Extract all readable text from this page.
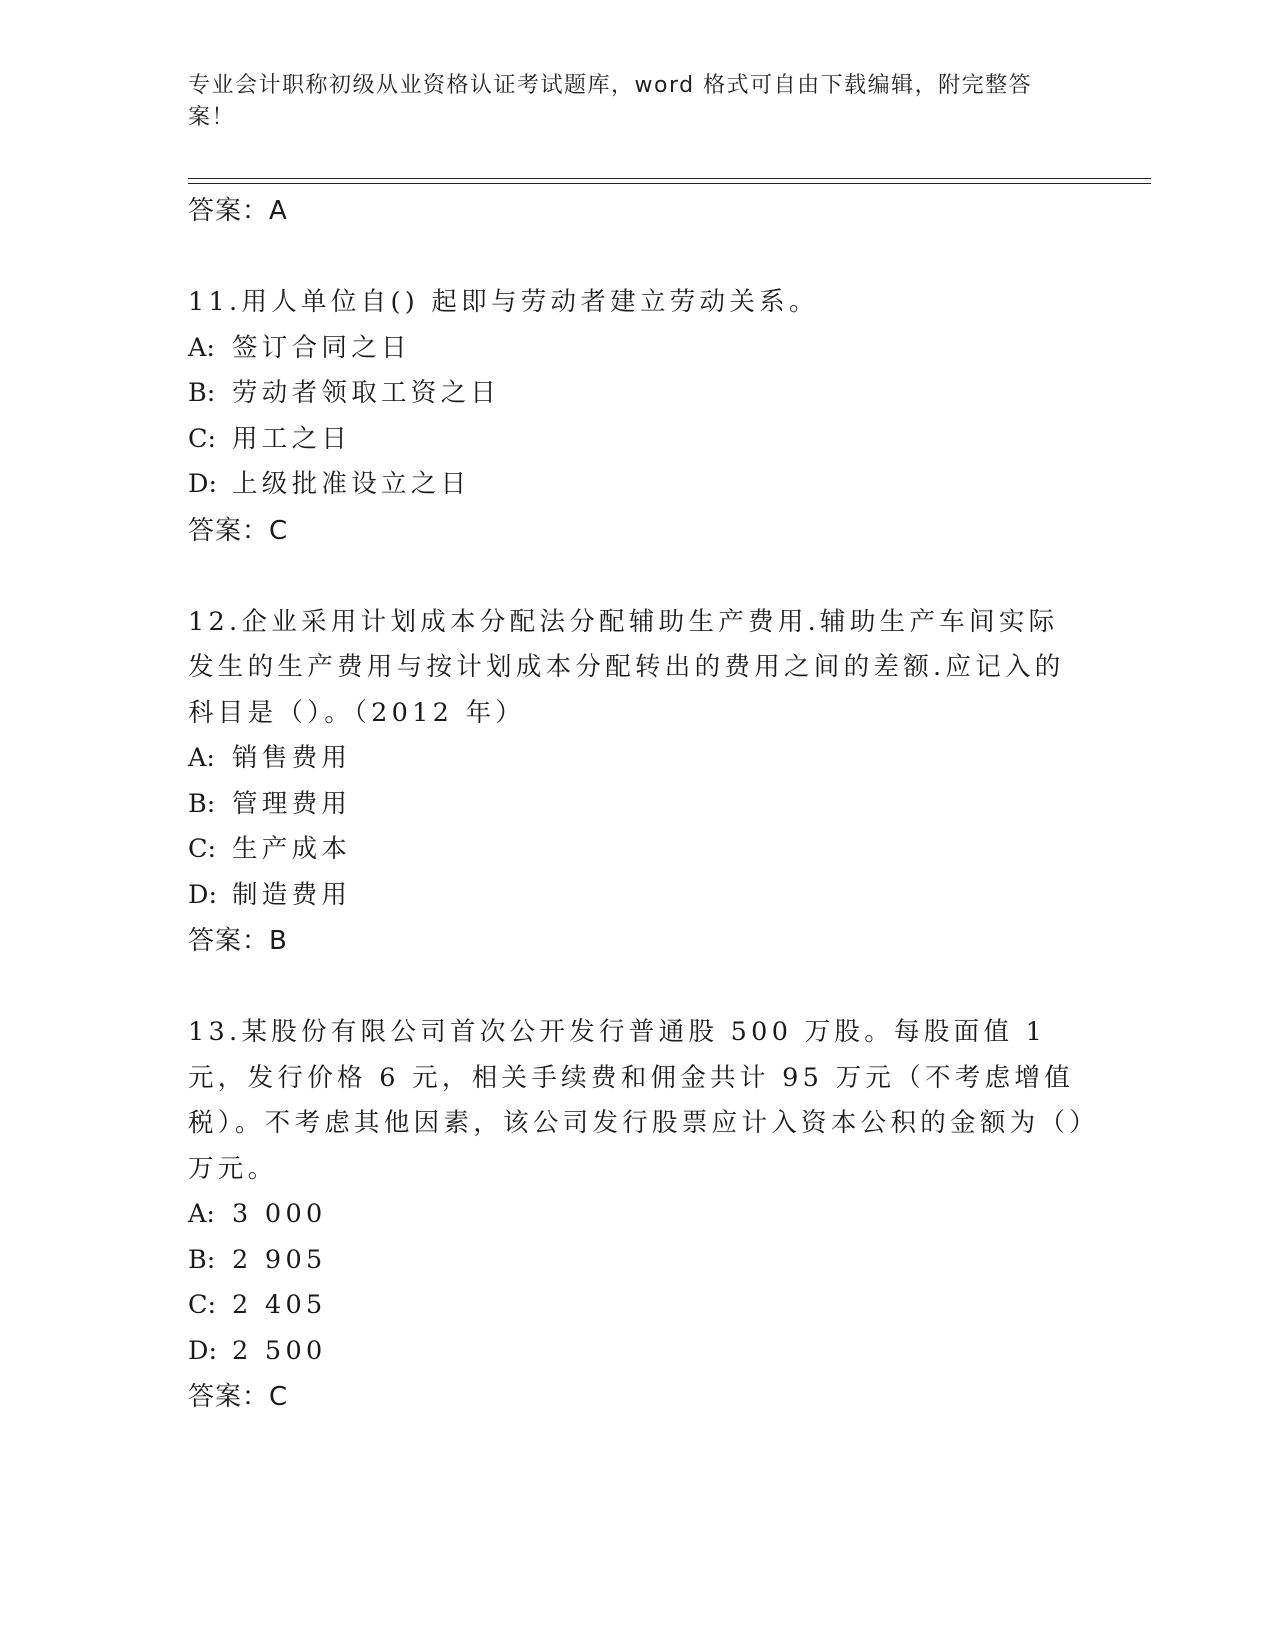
专业会计职称初级从业资格认证考试题库，word 格式可自由下载编辑，附完整答案！
答案：A

11.用人单位自() 起即与劳动者建立劳动关系。

A: 签订合同之日
B: 劳动者领取工资之日
C: 用工之日
D: 上级批准设立之日
答案：C

12.企业采用计划成本分配法分配辅助生产费用.辅助生产车间实际发生的生产费用与按计划成本分配转出的费用之间的差额.应记入的科目是（）。（2012 年）

A: 销售费用
B: 管理费用
C: 生产成本
D: 制造费用
答案：B

13.某股份有限公司首次公开发行普通股 500 万股。每股面值 1 元，发行价格 6 元，相关手续费和佣金共计 95 万元（不考虑增值税）。不考虑其他因素，该公司发行股票应计入资本公积的金额为（）万元。

A: 3 000
B: 2 905
C: 2 405
D: 2 500
答案：C
